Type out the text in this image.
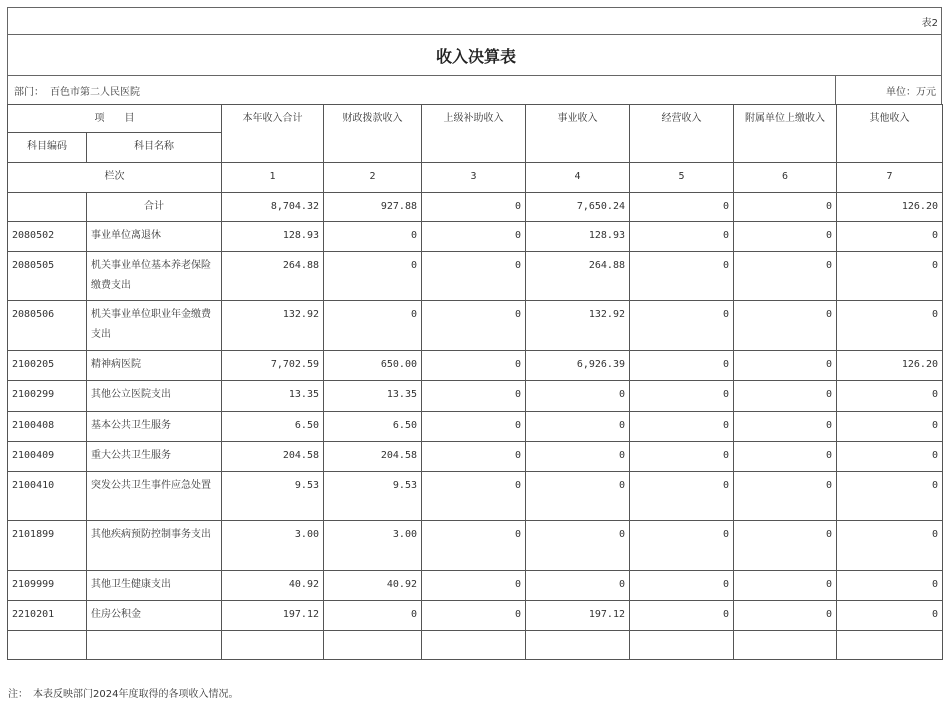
表2
收入决算表
部门： 百色市第二人民医院	单位：万元
项　　目		本年收入合计	财政拨款收入	上级补助收入	事业收入	经营收入	附属单位上缴收入	其他收入
科目编码	科目名称							
栏次		1	2	3	4	5	6	7
	合计	8,704.32	927.88	0	7,650.24	0	0	126.20
2080502	事业单位离退休	128.93	0	0	128.93	0	0	0
2080505	机关事业单位基本养老保险缴费支出	264.88	0	0	264.88	0	0	0
2080506	机关事业单位职业年金缴费支出	132.92	0	0	132.92	0	0	0
2100205	精神病医院	7,702.59	650.00	0	6,926.39	0	0	126.20
2100299	其他公立医院支出	13.35	13.35	0	0	0	0	0
2100408	基本公共卫生服务	6.50	6.50	0	0	0	0	0
2100409	重大公共卫生服务	204.58	204.58	0	0	0	0	0
2100410	突发公共卫生事件应急处置	9.53	9.53	0	0	0	0	0
2101899	其他疾病预防控制事务支出	3.00	3.00	0	0	0	0	0
2109999	其他卫生健康支出	40.92	40.92	0	0	0	0	0
2210201	住房公积金	197.12	0	0	197.12	0	0	0

注：　本表反映部门2024年度取得的各项收入情况。
